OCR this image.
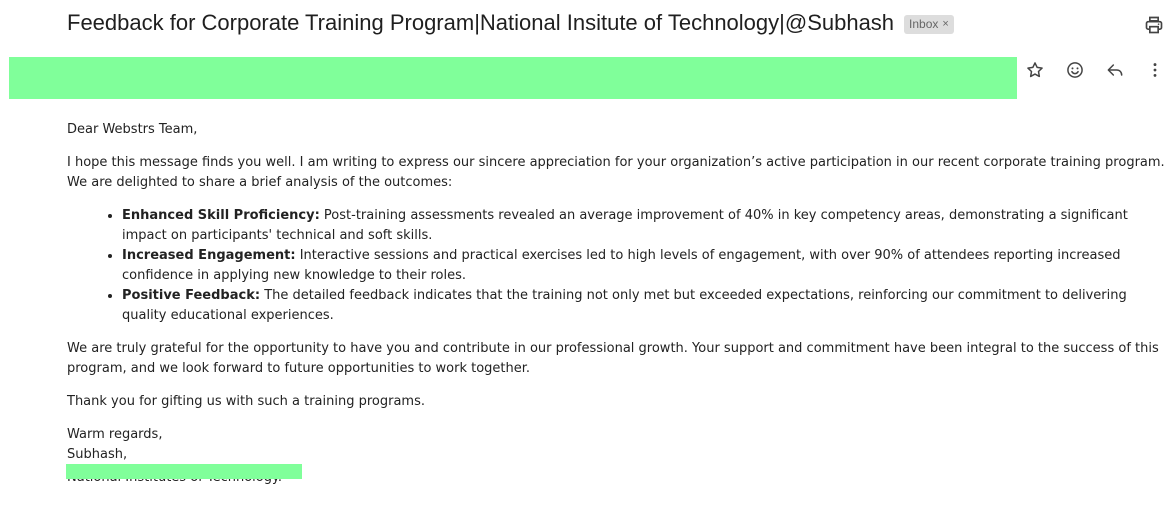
Feedback for Corporate Training Program|National Insitute of Technology|@Subhash Inbox ×

Dear Webstrs Team,

I hope this message finds you well. I am writing to express our sincere appreciation for your organization’s active participation in our recent corporate training program. We are delighted to share a brief analysis of the outcomes:

• Enhanced Skill Proficiency: Post-training assessments revealed an average improvement of 40% in key competency areas, demonstrating a significant impact on participants' technical and soft skills.
• Increased Engagement: Interactive sessions and practical exercises led to high levels of engagement, with over 90% of attendees reporting increased confidence in applying new knowledge to their roles.
• Positive Feedback: The detailed feedback indicates that the training not only met but exceeded expectations, reinforcing our commitment to delivering quality educational experiences.

We are truly grateful for the opportunity to have you and contribute in our professional growth. Your support and commitment have been integral to the success of this program, and we look forward to future opportunities to work together.

Thank you for gifting us with such a training programs.

Warm regards,

Subhash,
